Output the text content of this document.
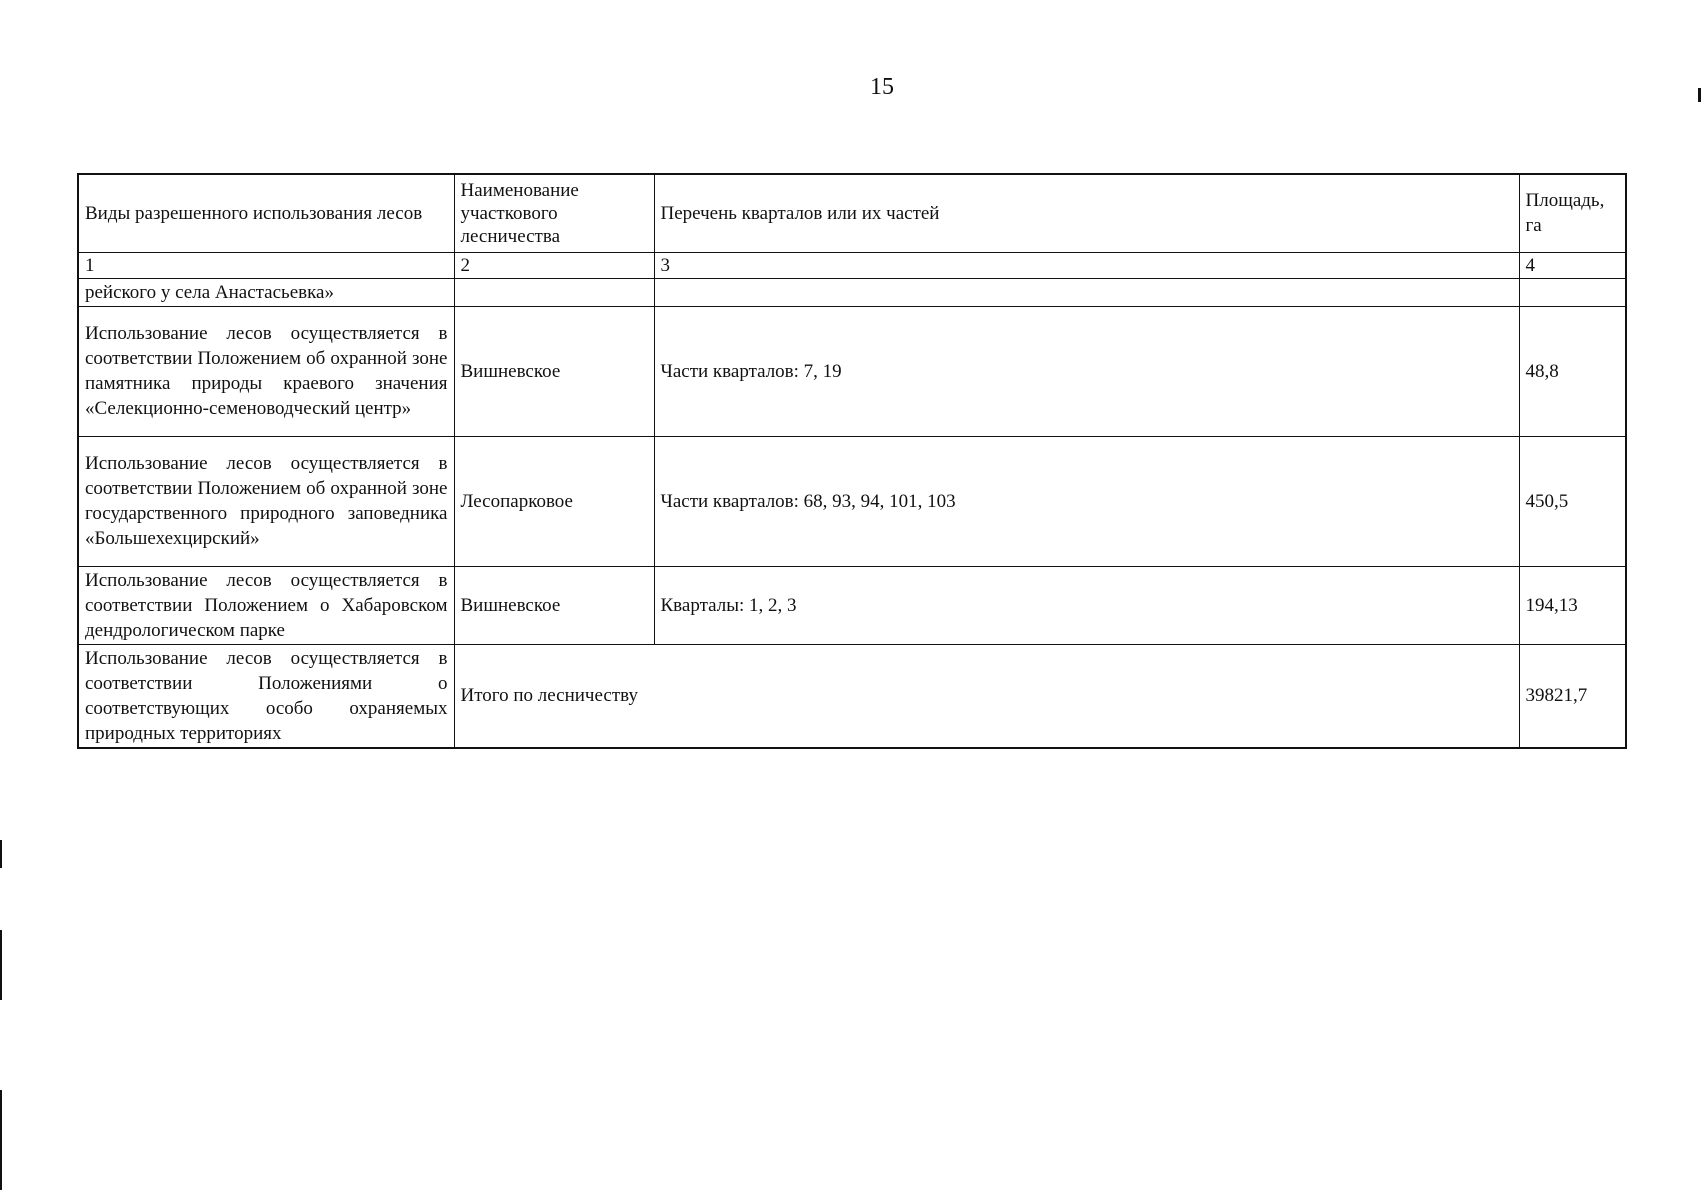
15
Виды разрешенного использования лесов	Наименование участкового лесничества	Перечень кварталов или их частей	Площадь, га
1	2	3	4
рейского у села Анастасьевка»			
Использование лесов осуществляется в соответствии Положением об охранной зоне памятника природы краевого значения «Селекционно-семеноводческий центр»	Вишневское	Части кварталов: 7, 19	48,8
Использование лесов осуществляется в соответствии Положением об охранной зоне государственного природного заповедника «Большехехцирский»	Лесопарковое	Части кварталов: 68, 93, 94, 101, 103	450,5
Использование лесов осуществляется в соответствии Положением о Хабаровском дендрологическом парке	Вишневское	Кварталы: 1, 2, 3	194,13
Использование лесов осуществляется в соответствии Положениями о соответствующих особо охраняемых природных территориях	Итого по лесничеству		39821,7
